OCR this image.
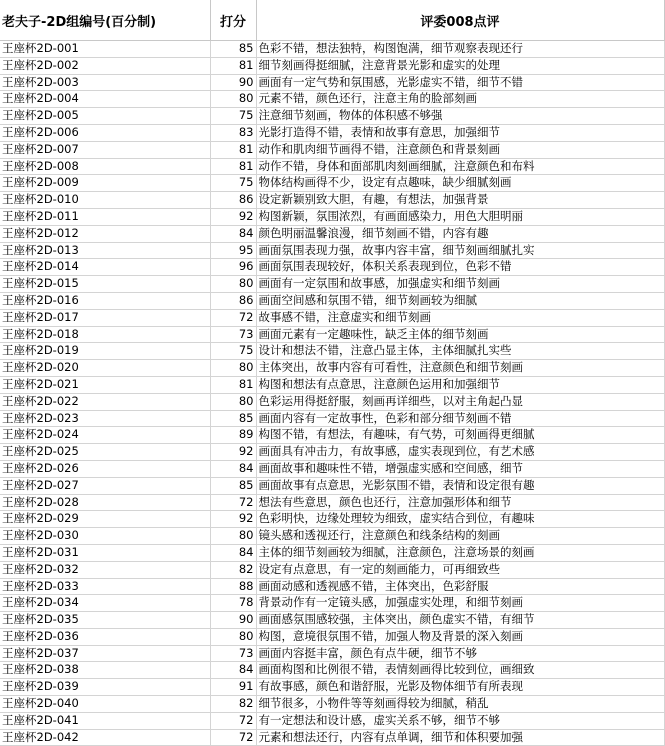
老夫子-2D组编号(百分制)	打分	评委008点评
王座杯2D-001	85	色彩不错，想法独特，构图饱满，细节观察表现还行
王座杯2D-002	81	细节刻画得挺细腻，注意背景光影和虚实的处理
王座杯2D-003	90	画面有一定气势和氛围感，光影虚实不错，细节不错
王座杯2D-004	80	元素不错，颜色还行，注意主角的脸部刻画
王座杯2D-005	75	注意细节刻画，物体的体积感不够强
王座杯2D-006	83	光影打造得不错，表情和故事有意思，加强细节
王座杯2D-007	81	动作和肌肉细节画得不错，注意颜色和背景刻画
王座杯2D-008	81	动作不错，身体和面部肌肉刻画细腻，注意颜色和布料
王座杯2D-009	75	物体结构画得不少，设定有点趣味，缺少细腻刻画
王座杯2D-010	86	设定新颖别致大胆，有趣，有想法，加强背景
王座杯2D-011	92	构图新颖，氛围浓烈，有画面感染力，用色大胆明丽
王座杯2D-012	84	颜色明丽温馨浪漫，细节刻画不错，内容有趣
王座杯2D-013	95	画面氛围表现力强，故事内容丰富，细节刻画细腻扎实
王座杯2D-014	96	画面氛围表现较好，体积关系表现到位，色彩不错
王座杯2D-015	80	画面有一定氛围和故事感，加强虚实和细节刻画
王座杯2D-016	86	画面空间感和氛围不错，细节刻画较为细腻
王座杯2D-017	72	故事感不错，注意虚实和细节刻画
王座杯2D-018	73	画面元素有一定趣味性，缺乏主体的细节刻画
王座杯2D-019	75	设计和想法不错，注意凸显主体，主体细腻扎实些
王座杯2D-020	80	主体突出，故事内容有可看性，注意颜色和细节刻画
王座杯2D-021	81	构图和想法有点意思，注意颜色运用和加强细节
王座杯2D-022	80	色彩运用得挺舒服，刻画再详细些，以对主角起凸显
王座杯2D-023	85	画面内容有一定故事性，色彩和部分细节刻画不错
王座杯2D-024	89	构图不错，有想法，有趣味，有气势，可刻画得更细腻
王座杯2D-025	92	画面具有冲击力，有故事感，虚实表现到位，有艺术感
王座杯2D-026	84	画面故事和趣味性不错，增强虚实感和空间感，细节
王座杯2D-027	85	画面故事有点意思，光影氛围不错，表情和设定很有趣
王座杯2D-028	72	想法有些意思，颜色也还行，注意加强形体和细节
王座杯2D-029	92	色彩明快，边缘处理较为细致，虚实结合到位，有趣味
王座杯2D-030	80	镜头感和透视还行，注意颜色和线条结构的刻画
王座杯2D-031	84	主体的细节刻画较为细腻，注意颜色，注意场景的刻画
王座杯2D-032	82	设定有点意思，有一定的刻画能力，可再细致些
王座杯2D-033	88	画面动感和透视感不错，主体突出，色彩舒服
王座杯2D-034	78	背景动作有一定镜头感，加强虚实处理，和细节刻画
王座杯2D-035	90	画面感氛围感较强，主体突出，颜色虚实不错，有细节
王座杯2D-036	80	构图，意境很氛围不错，加强人物及背景的深入刻画
王座杯2D-037	73	画面内容挺丰富，颜色有点牛硬，细节不够
王座杯2D-038	84	画面构图和比例很不错，表情刻画得比较到位，画细致
王座杯2D-039	91	有故事感，颜色和谐舒服，光影及物体细节有所表现
王座杯2D-040	82	细节很多，小物件等等刻画得较为细腻，稍乱
王座杯2D-041	72	有一定想法和设计感，虚实关系不够，细节不够
王座杯2D-042	72	元素和想法还行，内容有点单调，细节和体积要加强
